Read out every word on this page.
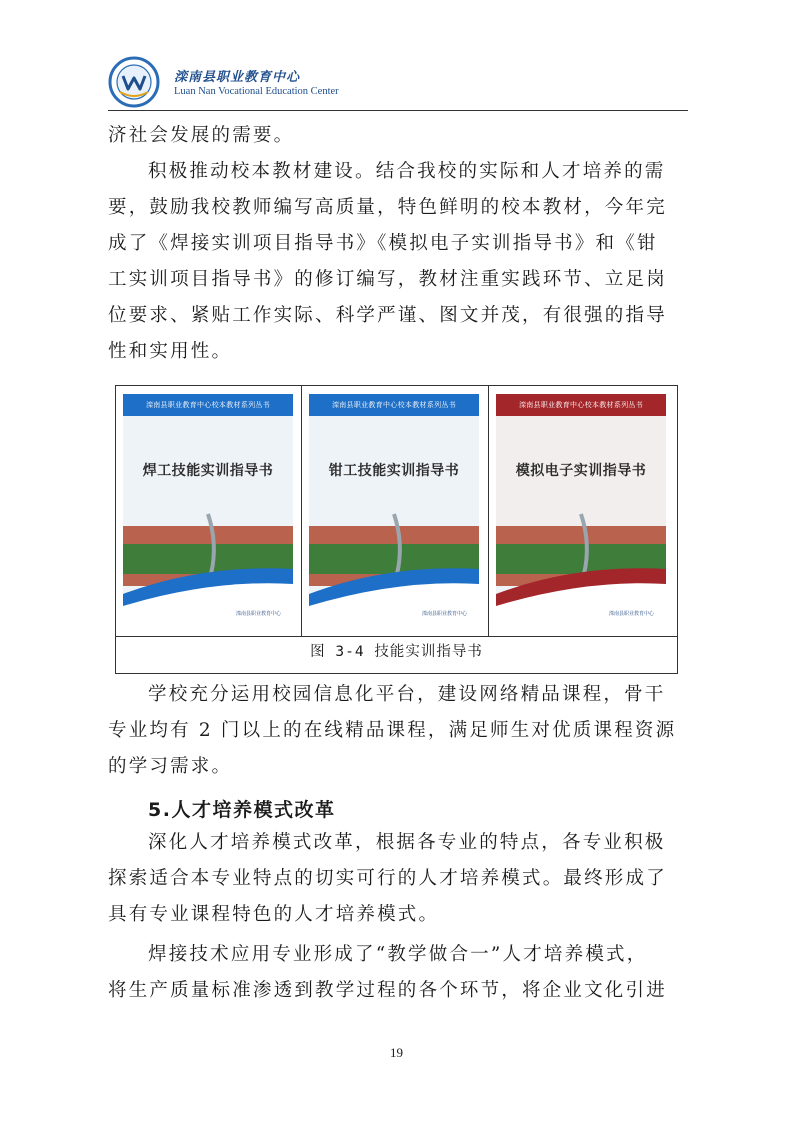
滦南县职业教育中心
Luan Nan Vocational Education Center
济社会发展的需要。
积极推动校本教材建设。结合我校的实际和人才培养的需
要，鼓励我校教师编写高质量，特色鲜明的校本教材，今年完
成了《焊接实训项目指导书》《模拟电子实训指导书》和《钳
工实训项目指导书》的修订编写，教材注重实践环节、立足岗
位要求、紧贴工作实际、科学严谨、图文并茂，有很强的指导
性和实用性。
滦南县职业教育中心校本教材系列丛书
焊工技能实训指导书
滦南县职业教育中心
滦南县职业教育中心校本教材系列丛书
钳工技能实训指导书
滦南县职业教育中心
滦南县职业教育中心校本教材系列丛书
模拟电子实训指导书
滦南县职业教育中心
图 3-4 技能实训指导书
学校充分运用校园信息化平台，建设网络精品课程，骨干
专业均有 2 门以上的在线精品课程，满足师生对优质课程资源
的学习需求。
5.人才培养模式改革
深化人才培养模式改革，根据各专业的特点，各专业积极
探索适合本专业特点的切实可行的人才培养模式。最终形成了
具有专业课程特色的人才培养模式。
焊接技术应用专业形成了“教学做合一”人才培养模式，
将生产质量标准渗透到教学过程的各个环节，将企业文化引进
19
